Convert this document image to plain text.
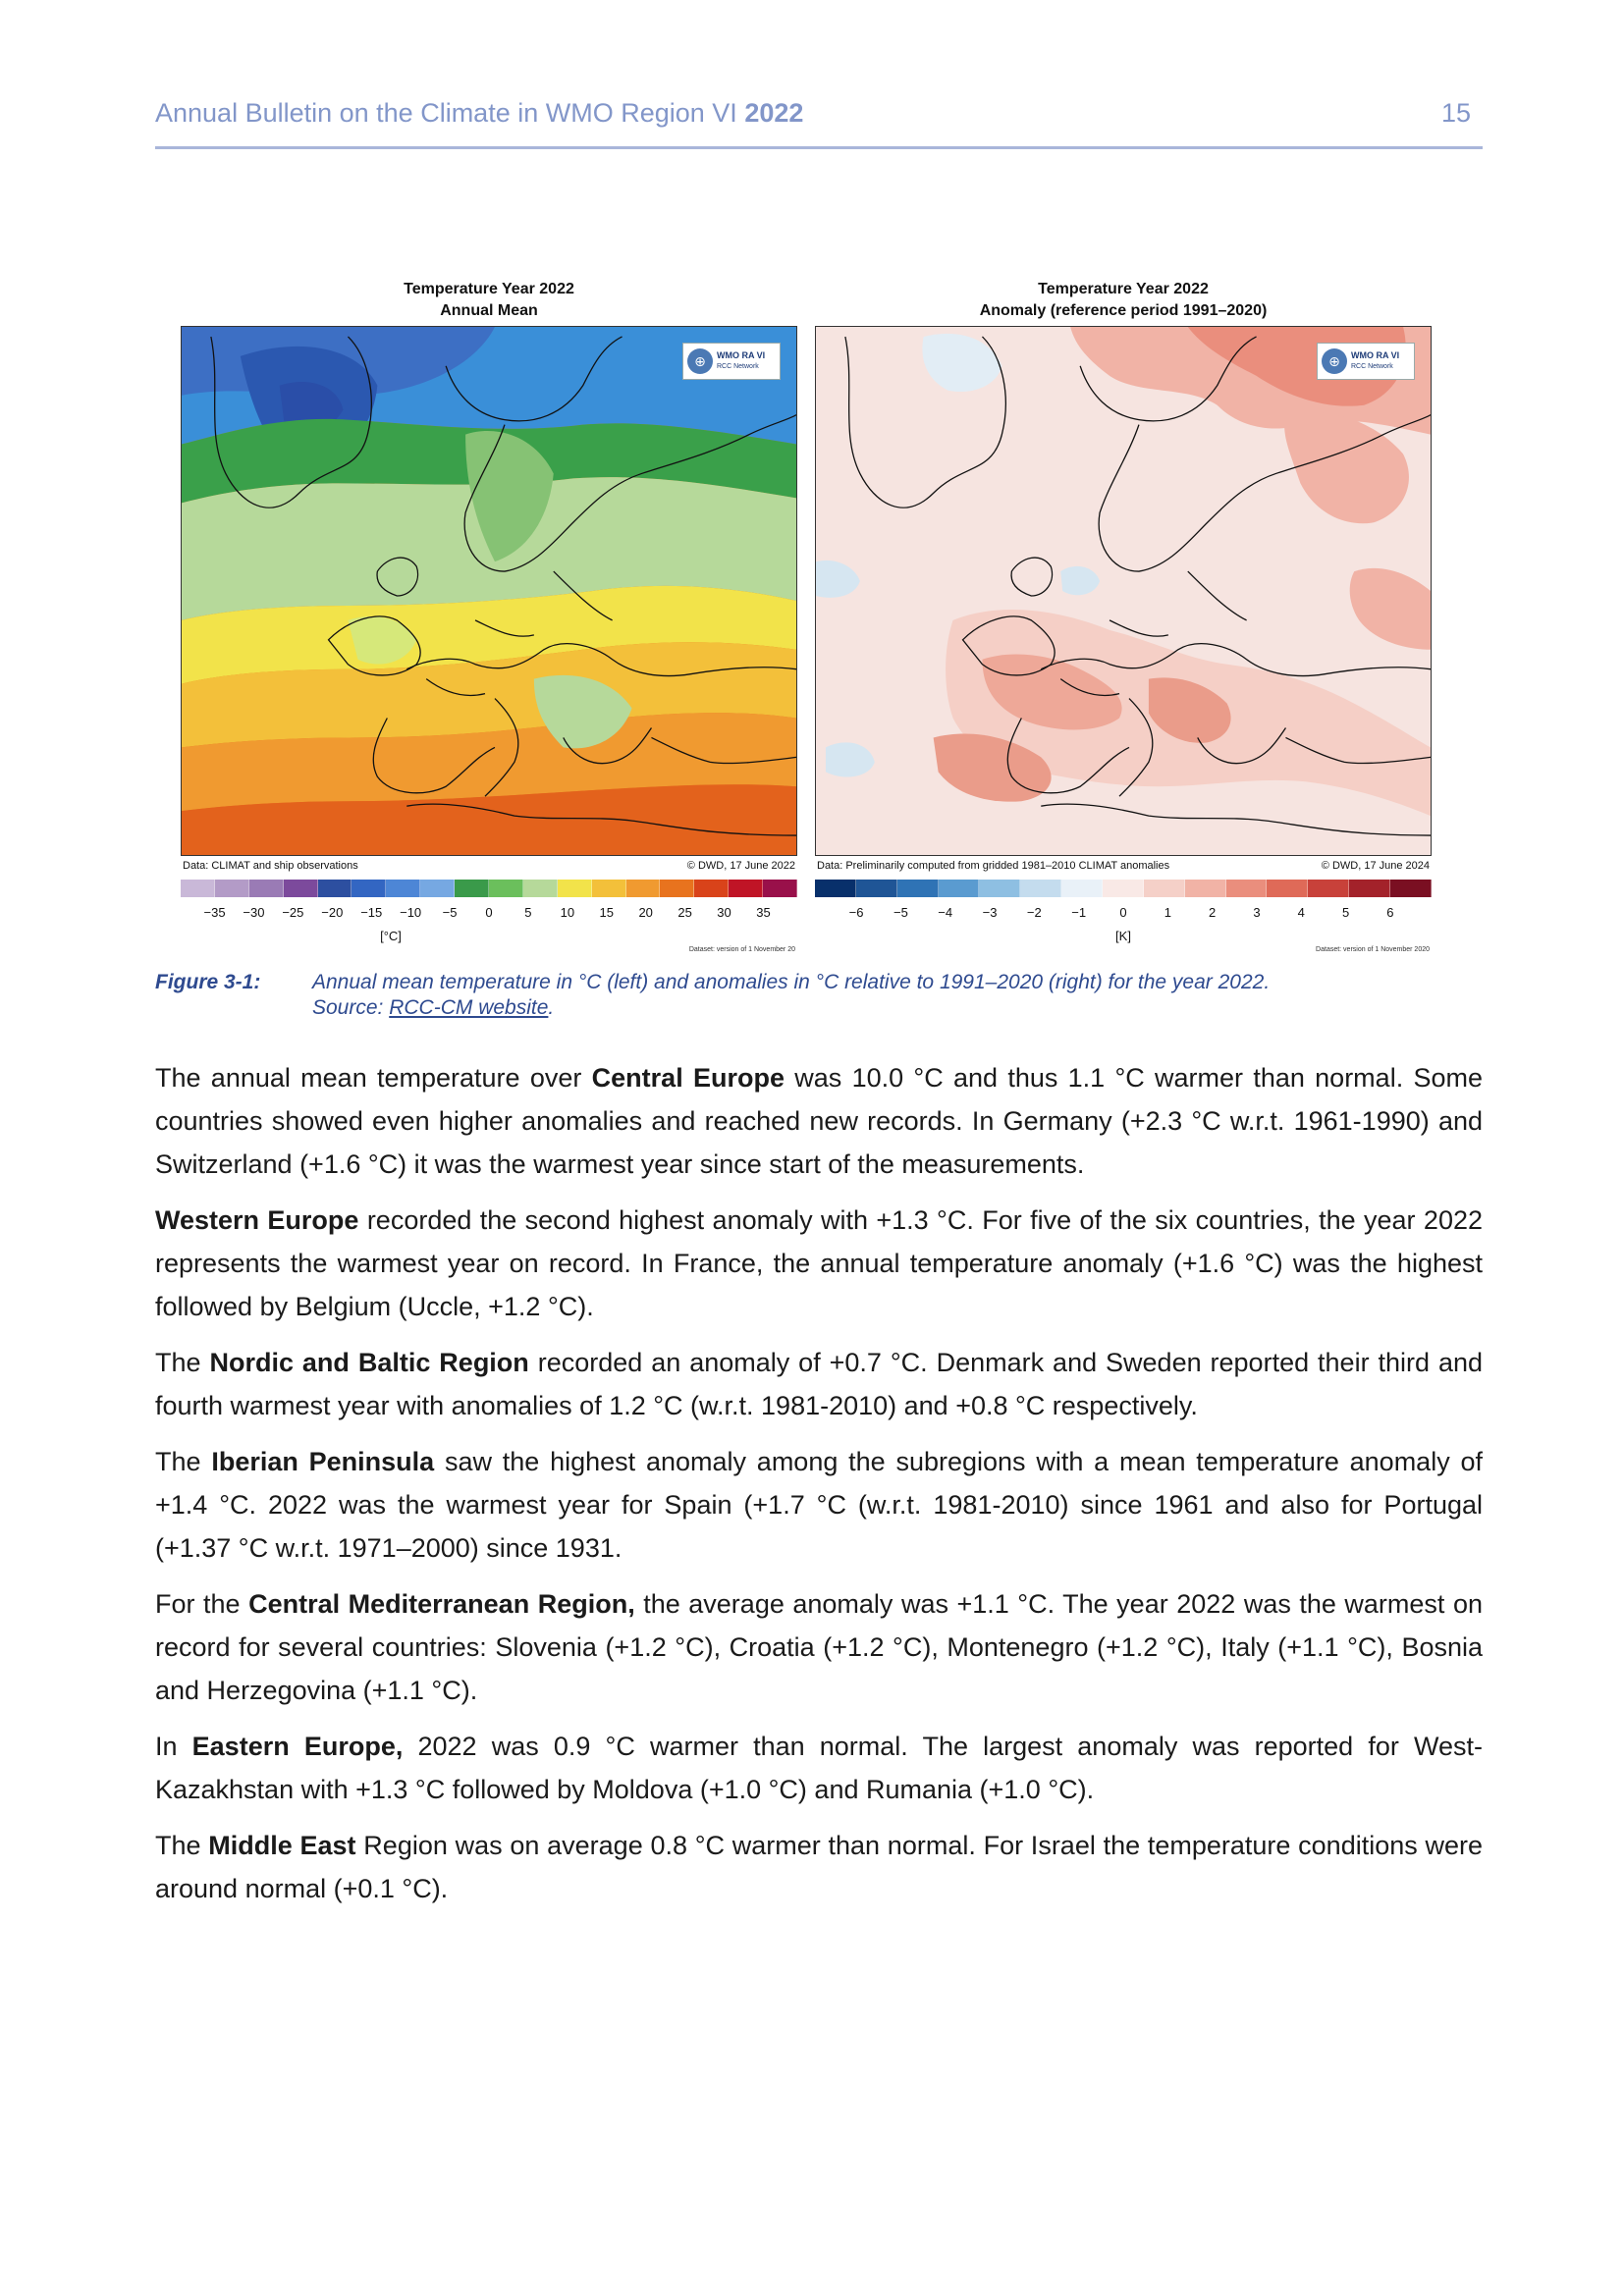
Annual Bulletin on the Climate in WMO Region VI 2022	15
Temperature Year 2022
Annual Mean
⊕	WMO RA VI
RCC Network
Data: CLIMAT and ship observations	© DWD, 17 June 2022
−35 −30 −25 −20 −15 −10 −5 0	5 10 15 20 25 30 35
[°C]
Dataset: version of 1 November 20
Temperature Year 2022
Anomaly (reference period 1991–2020)
⊕	WMO RA VI
RCC Network
Data: Preliminarily computed from gridded 1981–2010 CLIMAT anomalies	© DWD, 17 June 2024
−6 −5 −4 −3 −2 −1	0	1	2	3	4	5	6
[K]
Dataset: version of 1 November 2020
Figure 3-1:	Annual mean temperature in °C (left) and anomalies in °C relative to 1991–2020 (right) for the year 2022.
Source: RCC-CM website.

The annual mean temperature over Central Europe was 10.0 °C and thus 1.1 °C warmer than normal. Some countries showed even higher anomalies and reached new records. In Germany (+2.3 °C w.r.t. 1961-1990) and Switzerland (+1.6 °C) it was the warmest year since start of the measurements.

Western Europe recorded the second highest anomaly with +1.3 °C. For five of the six countries, the year 2022 represents the warmest year on record. In France, the annual temperature anomaly (+1.6 °C) was the highest followed by Belgium (Uccle, +1.2 °C).

The Nordic and Baltic Region recorded an anomaly of +0.7 °C. Denmark and Sweden reported their third and fourth warmest year with anomalies of 1.2 °C (w.r.t. 1981-2010) and +0.8 °C respectively.

The Iberian Peninsula saw the highest anomaly among the subregions with a mean temperature anomaly of +1.4 °C. 2022 was the warmest year for Spain (+1.7 °C (w.r.t. 1981-2010) since 1961 and also for Portugal (+1.37 °C w.r.t. 1971–2000) since 1931.

For the Central Mediterranean Region, the average anomaly was +1.1 °C. The year 2022 was the warmest on record for several countries: Slovenia (+1.2 °C), Croatia (+1.2 °C), Montenegro (+1.2 °C), Italy (+1.1 °C), Bosnia and Herzegovina (+1.1 °C).

In Eastern Europe, 2022 was 0.9 °C warmer than normal. The largest anomaly was reported for West-Kazakhstan with +1.3 °C followed by Moldova (+1.0 °C) and Rumania (+1.0 °C).

The Middle East Region was on average 0.8 °C warmer than normal. For Israel the temperature conditions were around normal (+0.1 °C).
